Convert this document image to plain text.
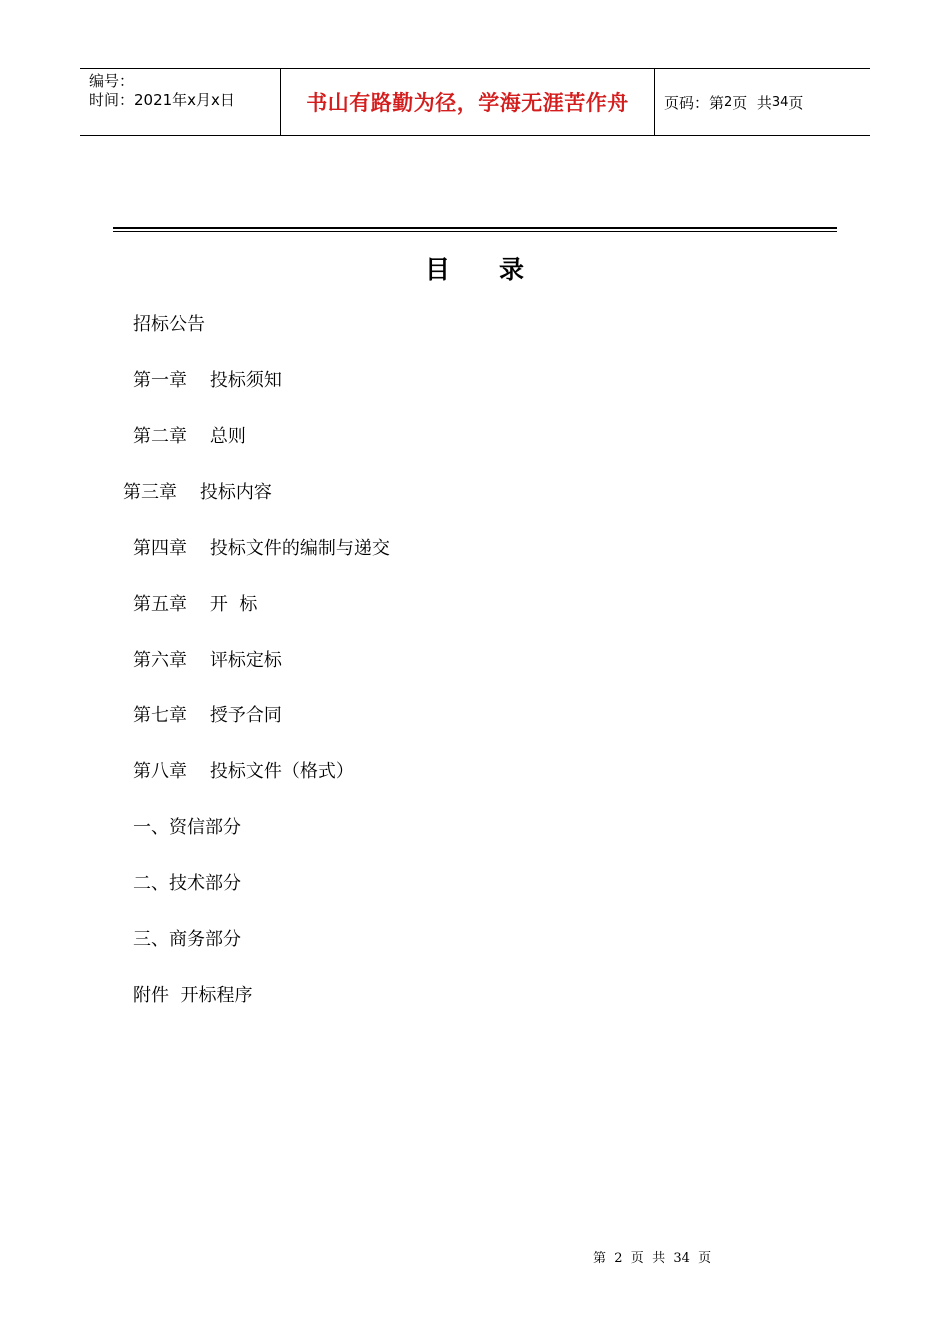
编号：
时间：2021年x月x日	书山有路勤为径，学海无涯苦作舟	页码：第 2 页  共 34 页
目 录
招标公告
第一章    投标须知
第二章    总则
第三章    投标内容
第四章    投标文件的编制与递交
第五章    开  标
第六章    评标定标
第七章    授予合同
第八章    投标文件（格式）
一、资信部分
二、技术部分
三、商务部分
附件  开标程序
第  2  页  共  34  页
